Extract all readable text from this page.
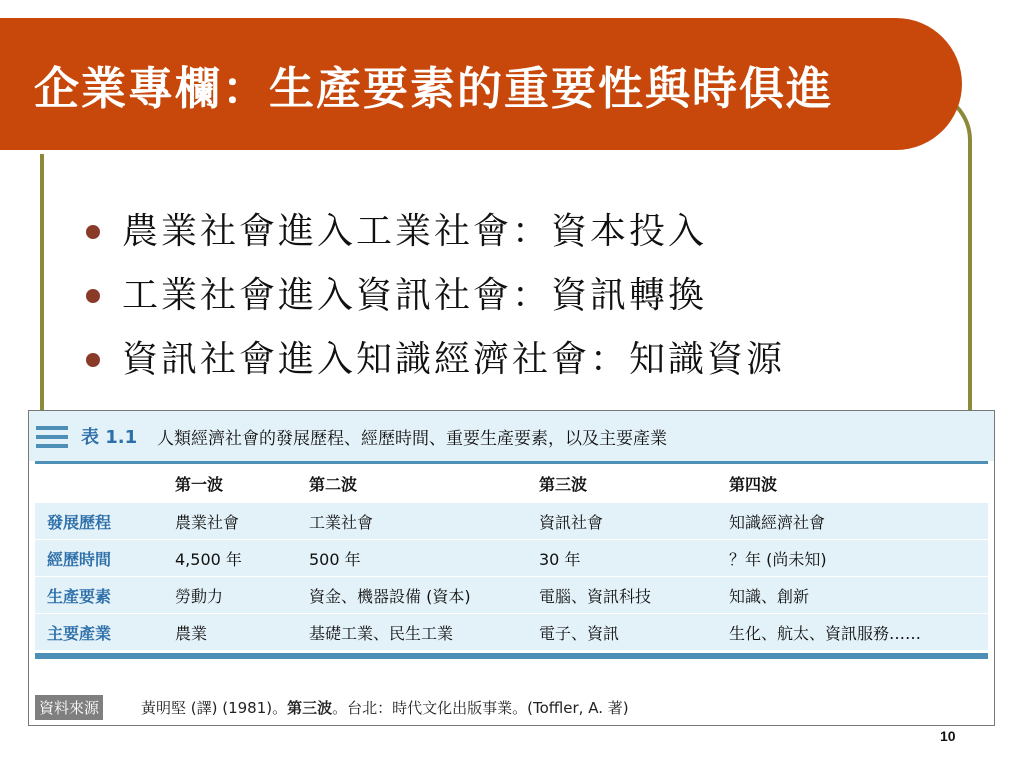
企業專欄：生產要素的重要性與時俱進
農業社會進入工業社會：資本投入
工業社會進入資訊社會：資訊轉換
資訊社會進入知識經濟社會：知識資源
表 1.1 人類經濟社會的發展歷程、經歷時間、重要生產要素，以及主要產業
	第一波	第二波	第三波	第四波
發展歷程	農業社會	工業社會	資訊社會	知識經濟社會
經歷時間	4,500 年	500 年	30 年	？年 (尚未知)
生產要素	勞動力	資金、機器設備 (資本)	電腦、資訊科技	知識、創新
主要產業	農業	基礎工業、民生工業	電子、資訊	生化、航太、資訊服務……
資料來源	黃明堅 (譯) (1981)。第三波。台北：時代文化出版事業。(Toffler, A. 著)
10
